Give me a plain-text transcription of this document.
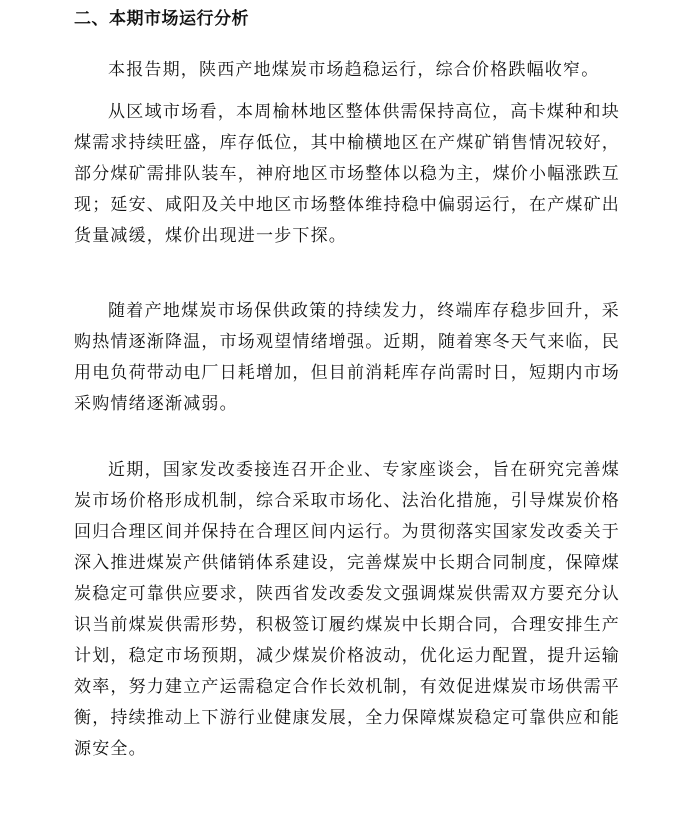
二、本期市场运行分析

本报告期，陕西产地煤炭市场趋稳运行，综合价格跌幅收窄。

从区域市场看，本周榆林地区整体供需保持高位，高卡煤种和块煤需求持续旺盛，库存低位，其中榆横地区在产煤矿销售情况较好，部分煤矿需排队装车，神府地区市场整体以稳为主，煤价小幅涨跌互现；延安、咸阳及关中地区市场整体维持稳中偏弱运行，在产煤矿出货量减缓，煤价出现进一步下探。

随着产地煤炭市场保供政策的持续发力，终端库存稳步回升，采购热情逐渐降温，市场观望情绪增强。近期，随着寒冬天气来临，民用电负荷带动电厂日耗增加，但目前消耗库存尚需时日，短期内市场采购情绪逐渐减弱。

近期，国家发改委接连召开企业、专家座谈会，旨在研究完善煤炭市场价格形成机制，综合采取市场化、法治化措施，引导煤炭价格回归合理区间并保持在合理区间内运行。为贯彻落实国家发改委关于深入推进煤炭产供储销体系建设，完善煤炭中长期合同制度，保障煤炭稳定可靠供应要求，陕西省发改委发文强调煤炭供需双方要充分认识当前煤炭供需形势，积极签订履约煤炭中长期合同，合理安排生产计划，稳定市场预期，减少煤炭价格波动，优化运力配置，提升运输效率，努力建立产运需稳定合作长效机制，有效促进煤炭市场供需平衡，持续推动上下游行业健康发展，全力保障煤炭稳定可靠供应和能源安全。
